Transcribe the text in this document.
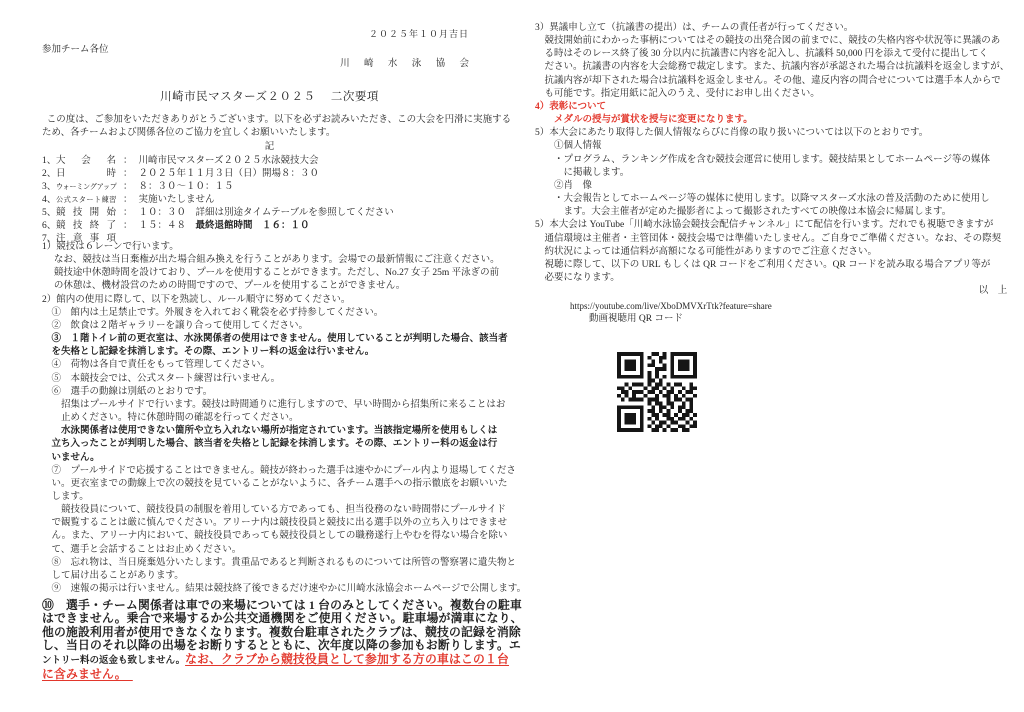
２０２５年１０月吉日
参加チーム各位
川 崎 水 泳 協 会
川崎市民マスターズ２０２５　 二次要項
この度は、ご参加をいただきありがとうございます。以下を必ずお読みいただき、この大会を円滑に実施する
ため、各チームおよび関係各位のご協力を宜しくお願いいたします。
記
1、大会名 ： 川崎市民マスターズ２０２５水泳競技大会
2、日時 ： ２０２５年１１月３日（日）開場８：３０
3、ウォーミングアップ ： ８：３０～１０：１５
4、公式スタート練習 ： 実施いたしません
5、競技開始 ： １０：３０　詳細は別途タイムテーブルを参照してください
6、競技終了 ： １５：４８　最終退館時間　１６：１０
7、注意事項
1）競技は６レーンで行います。
　 なお、競技は当日棄権が出た場合組み換えを行うことがあります。会場での最新情報にご注意ください。
　 競技途中休憩時間を設けており、プールを使用することができます。ただし、No.27 女子 25m 平泳ぎの前
　 の休憩は、機材設営のための時間ですので、プールを使用することができません。
2）館内の使用に際して、以下を熟読し、ルール順守に努めてください。
　①　館内は土足禁止です。外履きを入れておく靴袋を必ず持参してください。
　②　飲食は２階ギャラリーを譲り合って使用してください。
　③　１階トイレ前の更衣室は、水泳関係者の使用はできません。使用していることが判明した場合、該当者
　を失格とし記録を抹消します。その際、エントリー料の返金は行いません。
　④　荷物は各自で責任をもって管理してください。
　⑤　本競技会では、公式スタート練習は行いません。
　⑥　選手の動線は別紙のとおりです。
　　招集はプールサイドで行います。競技は時間通りに進行しますので、早い時間から招集所に来ることはお
　　止めください。特に休憩時間の確認を行ってください。
　　水泳関係者は使用できない箇所や立ち入れない場所が指定されています。当該指定場所を使用もしくは
　立ち入ったことが判明した場合、該当者を失格とし記録を抹消します。その際、エントリー料の返金は行
　いません。
　⑦　プールサイドで応援することはできません。競技が終わった選手は速やかにプール内より退場してくださ
　い。更衣室までの動線上で次の競技を見ていることがないように、各チーム選手への指示徹底をお願いいた
　します。
　　競技役員について、競技役員の制服を着用している方であっても、担当役務のない時間帯にプールサイド
　で観覧することは厳に慎んでください。アリーナ内は競技役員と競技に出る選手以外の立ち入りはできませ
　ん。また、アリーナ内において、競技役員であっても競技役員としての職務遂行上やむを得ない場合を除い
　て、選手と会話することはお止めください。
　⑧　忘れ物は、当日廃棄処分いたします。貴重品であると判断されるものについては所管の警察署に遺失物と
　して届け出ることがあります。
　⑨　速報の掲示は行いません。結果は競技終了後できるだけ速やかに川崎水泳協会ホームページで公開します。
⑩　選手・チーム関係者は車での来場については 1 台のみとしてください。複数台の駐車
はできません。乗合で来場するか公共交通機関をご使用ください。駐車場が満車になり、
他の施設利用者が使用できなくなります。複数台駐車されたクラブは、競技の記録を消除
し、当日のそれ以降の出場をお断りするとともに、次年度以降の参加もお断りします。エ
ントリー料の返金も致しません。なお、クラブから競技役員として参加する方の車はこの１台
に含みません。　
3）異議申し立て（抗議書の提出）は、チームの責任者が行ってください。
　競技開始前にわかった事柄についてはその競技の出発合図の前までに、競技の失格内容や状況等に異議のあ
　る時はそのレース終了後 30 分以内に抗議書に内容を記入し、抗議料 50,000 円を添えて受付に提出してく
　ださい。抗議書の内容を大会総務で裁定します。また、抗議内容が承認された場合は抗議料を返金しますが、
　抗議内容が却下された場合は抗議料を返金しません。その他、違反内容の問合せについては選手本人からで
　も可能です。指定用紙に記入のうえ、受付にお申し出ください。
4）表彰について
　　メダルの授与が賞状を授与に変更になります。
5）本大会にあたり取得した個人情報ならびに肖像の取り扱いについては以下のとおりです。
　　①個人情報
　　・プログラム、ランキング作成を含む競技会運営に使用します。競技結果としてホームページ等の媒体
　　　に掲載します。
　　②肖　像
　　・大会報告としてホームページ等の媒体に使用します。以降マスターズ水泳の普及活動のために使用し
　　　ます。大会主催者が定めた撮影者によって撮影されたすべての映像は本協会に帰属します。
5）本大会は YouTube「川崎水泳協会競技会配信チャンネル」にて配信を行います。だれでも視聴できますが
　通信環境は主催者・主管団体・競技会場では準備いたしません。ご自身でご準備ください。なお、その際契
　約状況によっては通信料が高額になる可能性がありますのでご注意ください。
　視聴に際して、以下の URL もしくは QR コードをご利用ください。QR コードを読み取る場合アプリ等が
　必要になります。
以　上
https://youtube.com/live/XboDMVXrTtk?feature=share
　　動画視聴用 QR コード
